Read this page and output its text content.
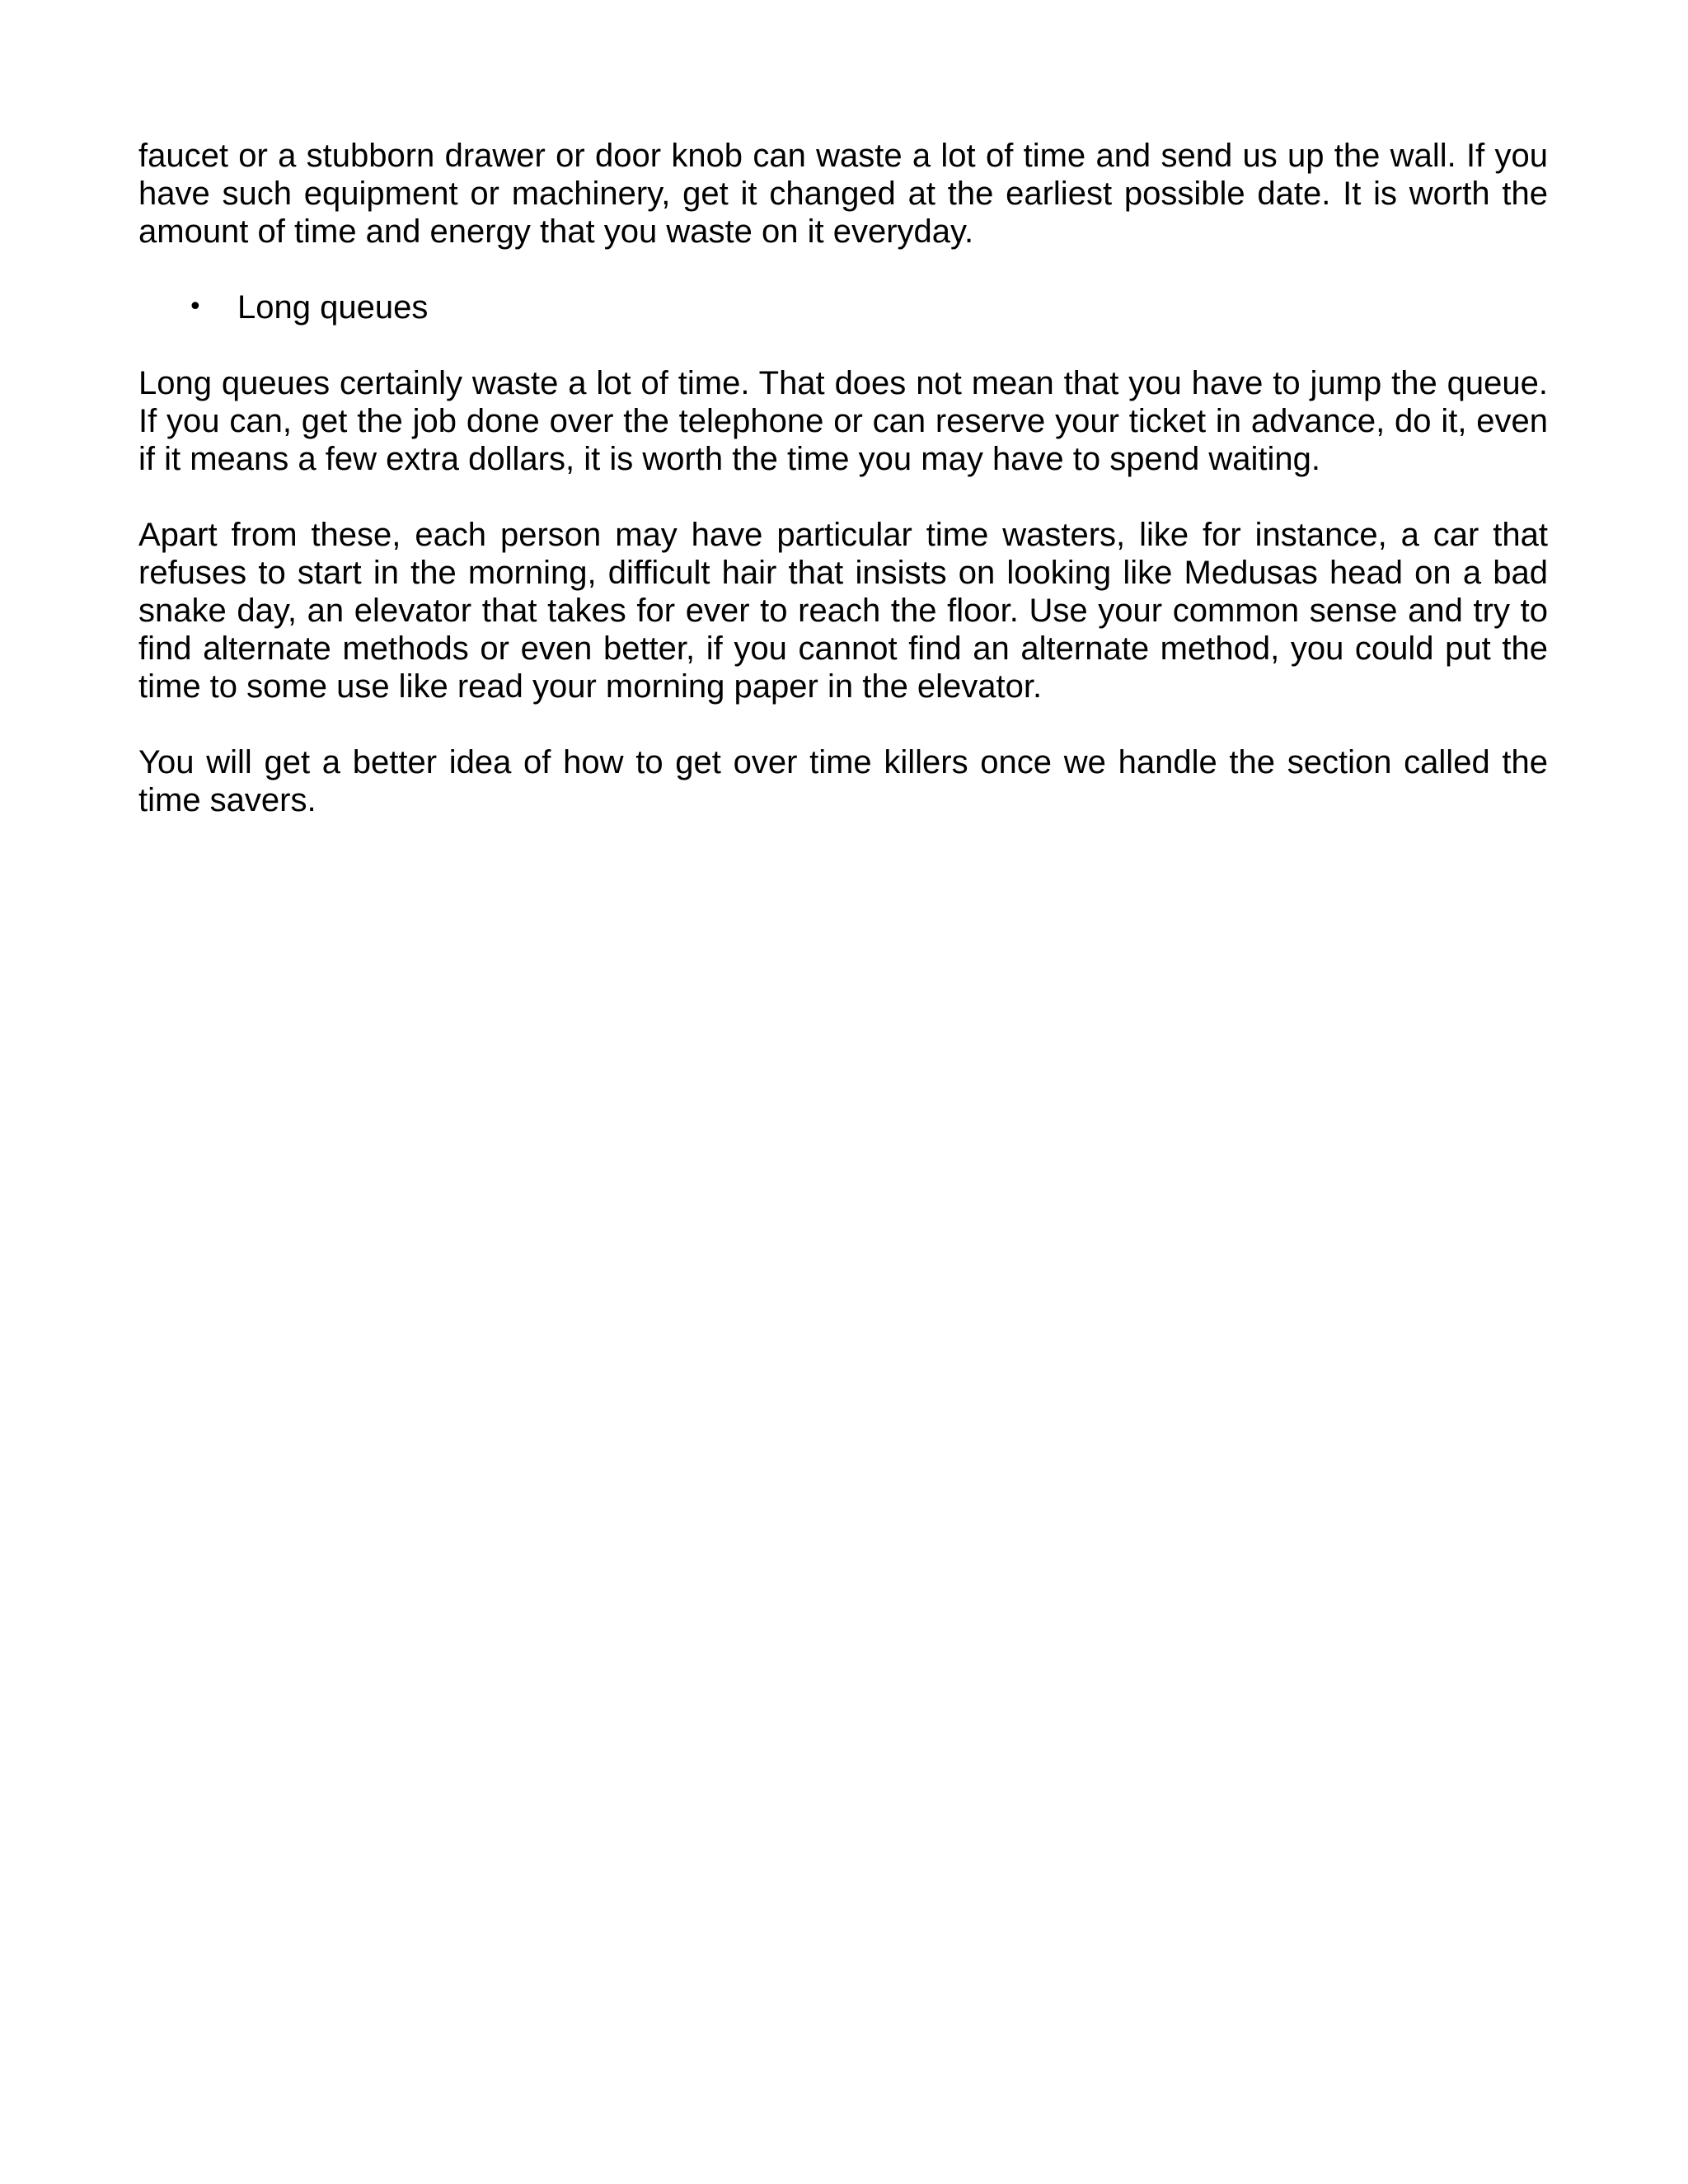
faucet or a stubborn drawer or door knob can waste a lot of time and send us up the wall. If you have such equipment or machinery, get it changed at the earliest possible date. It is worth the amount of time and energy that you waste on it everyday.

• Long queues

Long queues certainly waste a lot of time. That does not mean that you have to jump the queue. If you can, get the job done over the telephone or can reserve your ticket in advance, do it, even if it means a few extra dollars, it is worth the time you may have to spend waiting.

Apart from these, each person may have particular time wasters, like for instance, a car that refuses to start in the morning, difficult hair that insists on looking like Medusas head on a bad snake day, an elevator that takes for ever to reach the floor. Use your common sense and try to find alternate methods or even better, if you cannot find an alternate method, you could put the time to some use like read your morning paper in the elevator.

You will get a better idea of how to get over time killers once we handle the section called the time savers.
